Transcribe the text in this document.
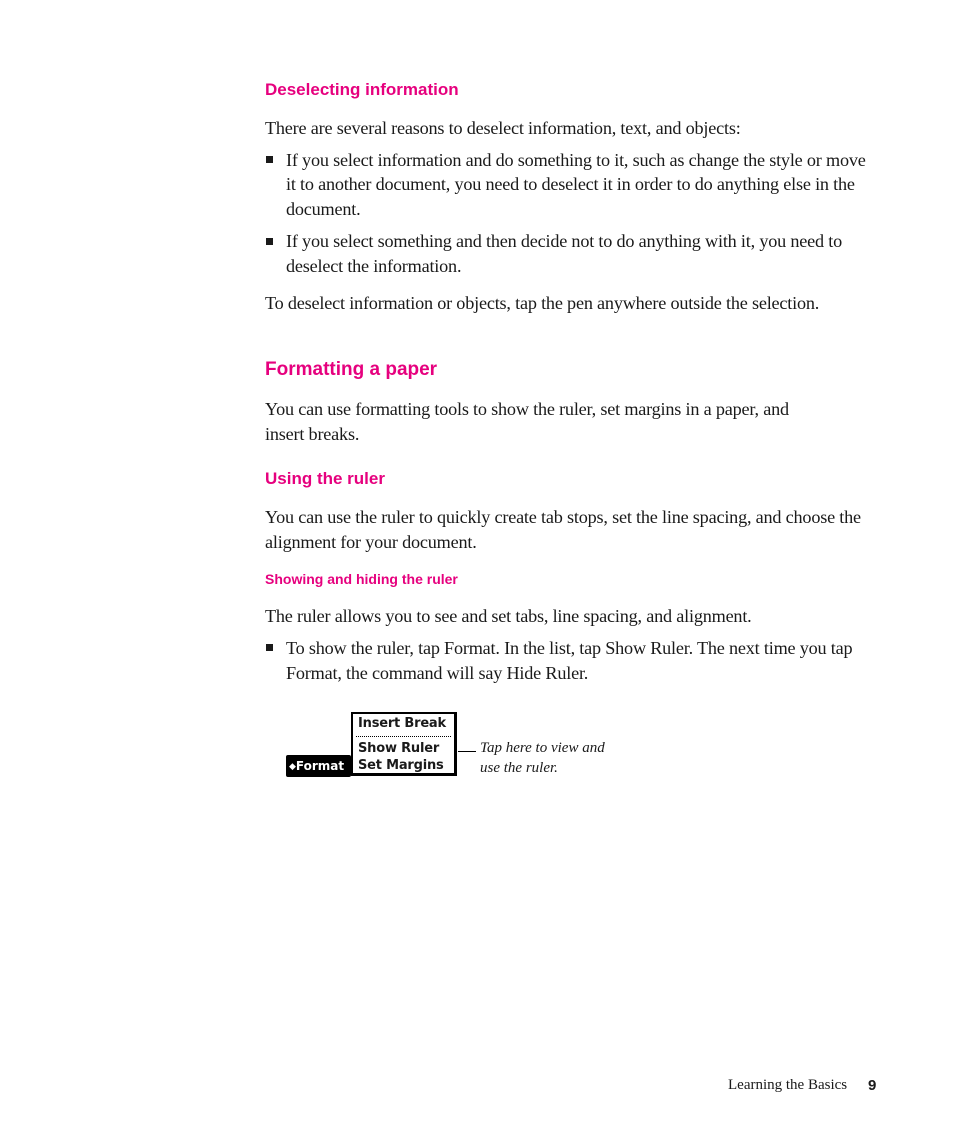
Deselecting information
There are several reasons to deselect information, text, and objects:
If you select information and do something to it, such as change the style or move
it to another document, you need to deselect it in order to do anything else in the
document.
If you select something and then decide not to do anything with it, you need to
deselect the information.
To deselect information or objects, tap the pen anywhere outside the selection.
Formatting a paper
You can use formatting tools to show the ruler, set margins in a paper, and
insert breaks.
Using the ruler
You can use the ruler to quickly create tab stops, set the line spacing, and choose the
alignment for your document.
Showing and hiding the ruler
The ruler allows you to see and set tabs, line spacing, and alignment.
To show the ruler, tap Format. In the list, tap Show Ruler. The next time you tap
Format, the command will say Hide Ruler.
◆Format
Insert Break
Show Ruler
Set Margins
Tap here to view and
use the ruler.
Learning the Basics 9
